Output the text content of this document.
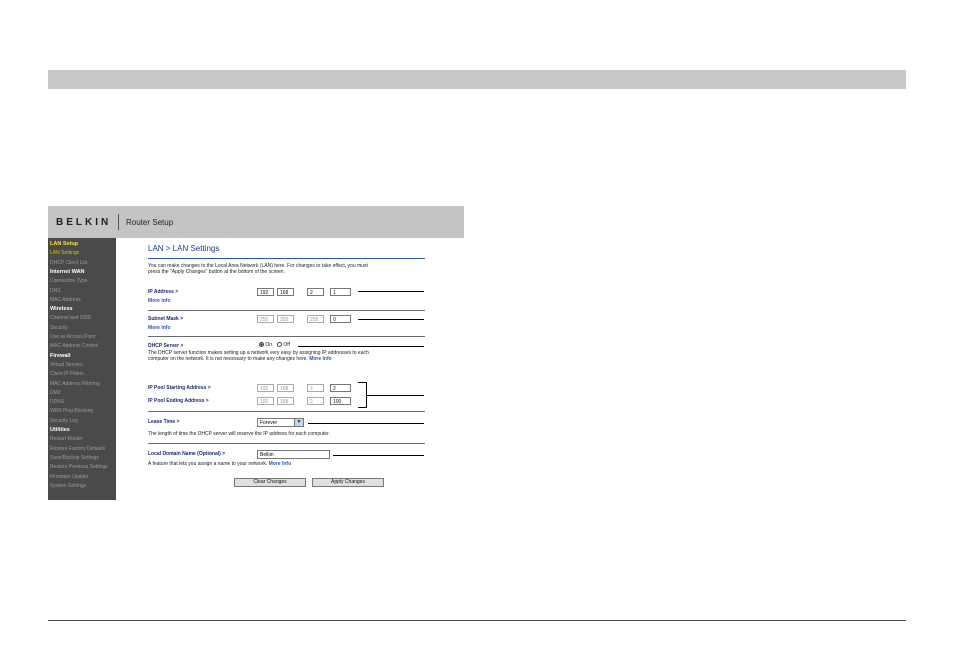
BELKIN Router Setup
LAN Setup
LAN Settings
DHCP Client List
Internet WAN
Connection Type
DNS
MAC Address
Wireless
Channel and SSID
Security
Use as Access Point
MAC Address Control
Firewall
Virtual Servers
Client IP Filters
MAC Address Filtering
DMZ
DDNS
WAN Ping Blocking
Security Log
Utilities
Restart Router
Restore Factory Defaults
Save/Backup Settings
Restore Previous Settings
Firmware Update
System Settings
LAN > LAN Settings
You can make changes to the Local Area Network (LAN) here. For changes to take effect, you must press the "Apply Changes" button at the bottom of the screen.
IP Address >
More Info
192	168	2	1
Subnet Mask >
More Info
255	255	255	0
DHCP Server >	On	Off
The DHCP server function makes setting up a network very easy by assigning IP addresses to each computer on the network. It is not necessary to make any changes here. More Info
IP Pool Starting Address >	192	168	2	2
IP Pool Ending Address >	192	168	2	100
Lease Time >	Forever	▼
The length of time the DHCP server will reserve the IP address for each computer.
Local Domain Name (Optional) >	Belkin
A feature that lets you assign a name to your network. More Info
Clear Changes	Apply Changes
